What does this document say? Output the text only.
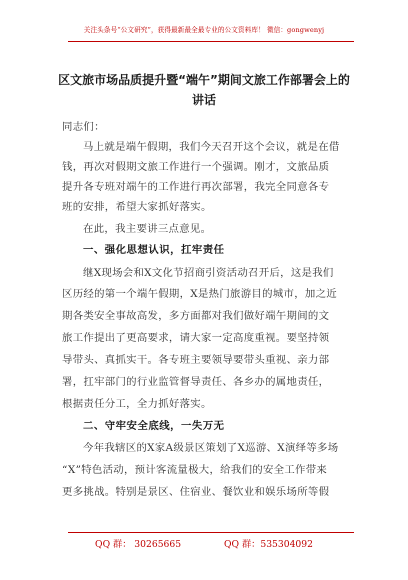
关注头条号“公文研究”，获得最新最全最专业的公文资料库！ 微信：gongwenyj
区文旅市场品质提升暨“端午”期间文旅工作部署会上的
讲话
同志们：
马上就是端午假期，我们今天召开这个会议，就是在借
钱，再次对假期文旅工作进行一个强调。刚才，文旅品质
提升各专班对端午的工作进行再次部署，我完全同意各专
班的安排，希望大家抓好落实。
在此，我主要讲三点意见。
一、强化思想认识，扛牢责任
继X现场会和X文化节招商引资活动召开后，这是我们
区历经的第一个端午假期，X是热门旅游目的城市，加之近
期各类安全事故高发，多方面都对我们做好端午期间的文
旅工作提出了更高要求，请大家一定高度重视。要坚持领
导带头、真抓实干。各专班主要领导要带头重视、亲力部
署，扛牢部门的行业监管督导责任、各乡办的属地责任，
根据责任分工，全力抓好落实。
二、守牢安全底线，一失万无
今年我辖区的X家A级景区策划了X巡游、X演绎等多场
“X”特色活动，预计客流量极大，给我们的安全工作带来
更多挑战。特别是景区、住宿业、餐饮业和娱乐场所等假
QQ 群： 30265665	QQ 群：535304092
